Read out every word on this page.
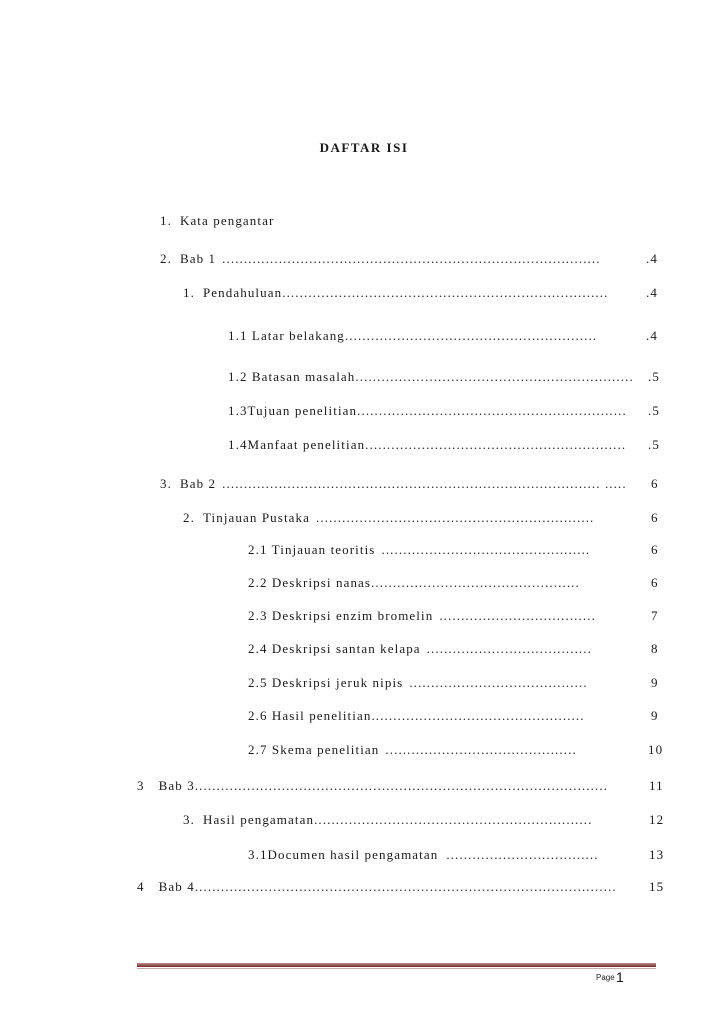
DAFTAR ISI
1. Kata pengantar
2. Bab 1 .......................................................................................	.4
1. Pendahuluan...........................................................................	.4
1.1 Latar belakang..........................................................	.4
1.2 Batasan masalah................................................................	.5
1.3Tujuan penelitian..............................................................	.5
1.4Manfaat penelitian............................................................	.5
3. Bab 2 ....................................................................................... .....	6
2. Tinjauan Pustaka ................................................................	6
2.1 Tinjauan teoritis ................................................	6
2.2 Deskripsi nanas................................................	6
2.3 Deskripsi enzim bromelin ....................................	7
2.4 Deskripsi santan kelapa ......................................	8
2.5 Deskripsi jeruk nipis .........................................	9
2.6 Hasil penelitian.................................................	9
2.7 Skema penelitian ............................................	10
3 Bab 3...............................................................................................	11
3. Hasil pengamatan................................................................	12
3.1Documen hasil pengamatan ...................................	13
4 Bab 4.................................................................................................	15
Page 1
